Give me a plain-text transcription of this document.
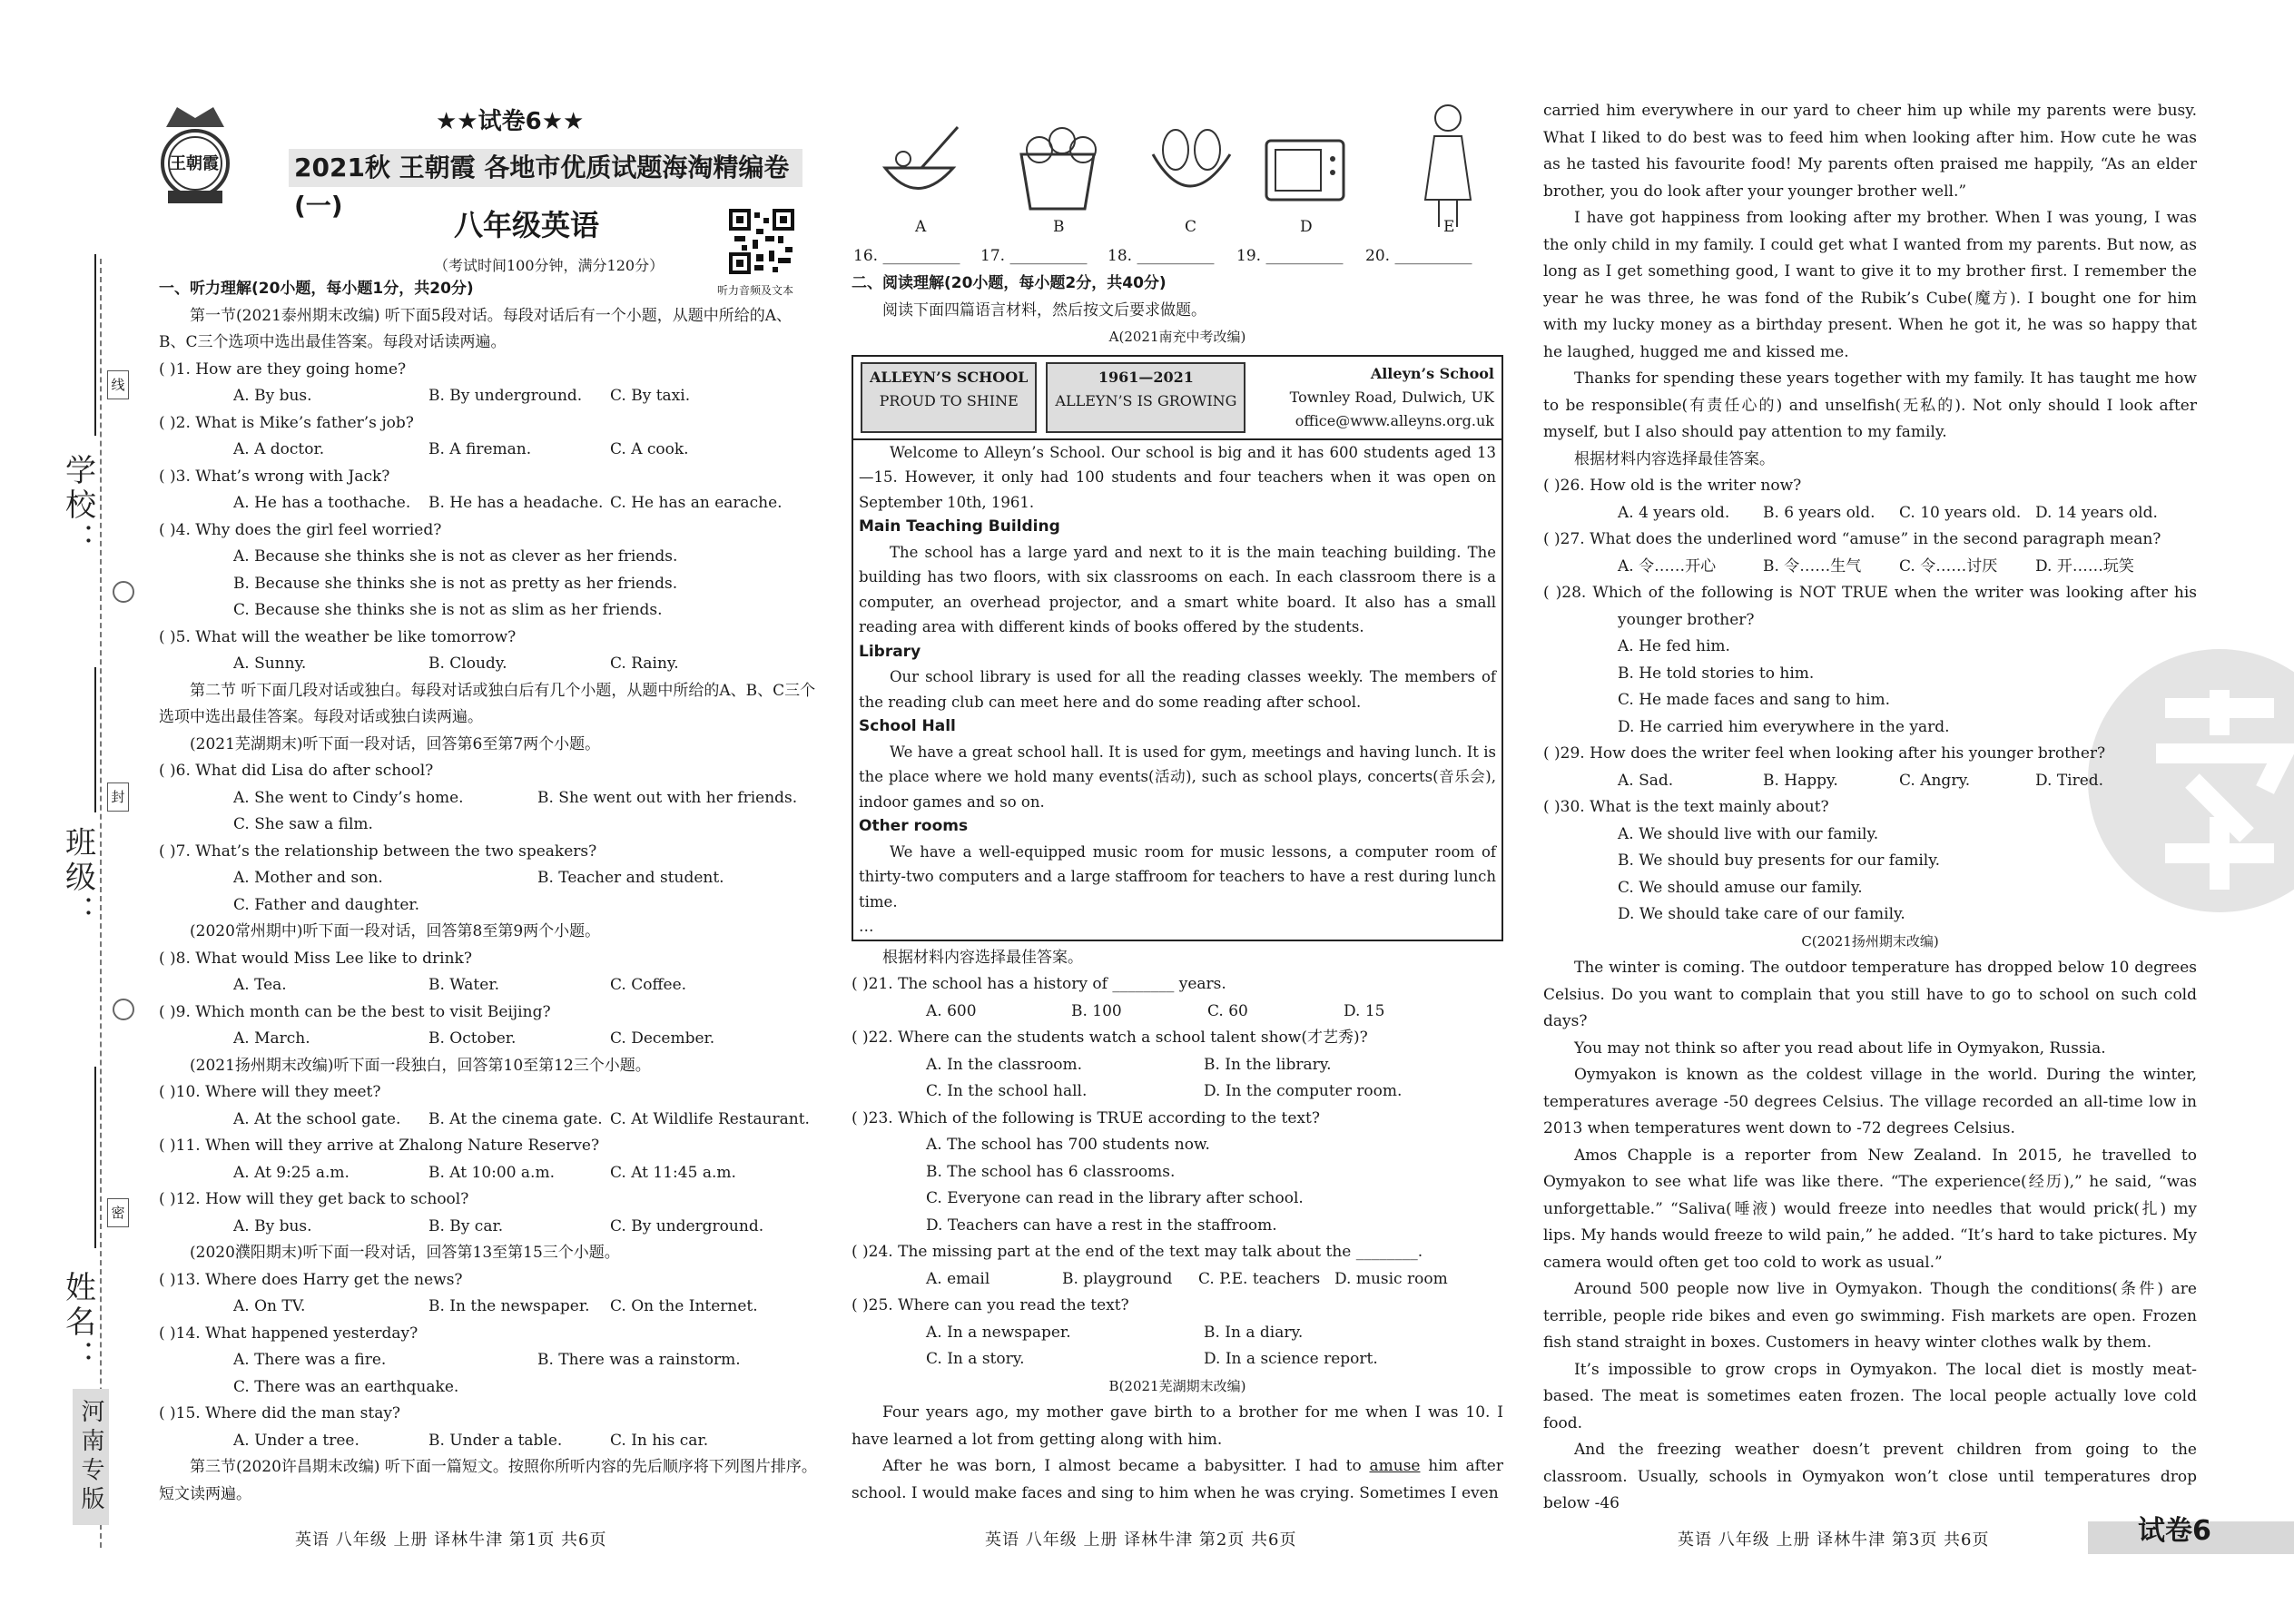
学校：
班级：
姓名：
线
封
密
河南专版
王朝霞
★★试卷6★★
2021秋 王朝霞 各地市优质试题海淘精编卷(一)
八年级英语
（考试时间100分钟，满分120分）
听力音频及文本

一、听力理解(20小题，每小题1分，共20分)

第一节(2021泰州期末改编) 听下面5段对话。每段对话后有一个小题，从题中所给的A、B、C三个选项中选出最佳答案。每段对话读两遍。

( )1. How are they going home?

A. By bus.	B. By underground.	C. By taxi.

( )2. What is Mike’s father’s job?

A. A doctor.	B. A fireman.	C. A cook.

( )3. What’s wrong with Jack?

A. He has a toothache.	B. He has a headache. C. He has an earache.

( )4. Why does the girl feel worried?

A. Because she thinks she is not as clever as her friends.

B. Because she thinks she is not as pretty as her friends.

C. Because she thinks she is not as slim as her friends.

( )5. What will the weather be like tomorrow?

A. Sunny.	B. Cloudy.	C. Rainy.

第二节 听下面几段对话或独白。每段对话或独白后有几个小题，从题中所给的A、B、C三个选项中选出最佳答案。每段对话或独白读两遍。

(2021芜湖期末)听下面一段对话，回答第6至第7两个小题。

( )6. What did Lisa do after school?

A. She went to Cindy’s home.	B. She went out with her friends.

C. She saw a film.

( )7. What’s the relationship between the two speakers?

A. Mother and son.	B. Teacher and student.

C. Father and daughter.

(2020常州期中)听下面一段对话，回答第8至第9两个小题。

( )8. What would Miss Lee like to drink?

A. Tea.	B. Water.	C. Coffee.

( )9. Which month can be the best to visit Beijing?

A. March.	B. October.	C. December.

(2021扬州期末改编)听下面一段独白，回答第10至第12三个小题。

( )10. Where will they meet?

A. At the school gate.	B. At the cinema gate. C. At Wildlife Restaurant.

( )11. When will they arrive at Zhalong Nature Reserve?

A. At 9:25 a.m.	B. At 10:00 a.m.	C. At 11:45 a.m.

( )12. How will they get back to school?

A. By bus.	B. By car.	C. By underground.

(2020濮阳期末)听下面一段对话，回答第13至第15三个小题。

( )13. Where does Harry get the news?

A. On TV.	B. In the newspaper.	C. On the Internet.

( )14. What happened yesterday?

A. There was a fire.	B. There was a rainstorm.

C. There was an earthquake.

( )15. Where did the man stay?

A. Under a tree.	B. Under a table.	C. In his car.

第三节(2020许昌期末改编) 听下面一篇短文。按照你所听内容的先后顺序将下列图片排序。短文读两遍。

A	B	C	D	E
16. __________	17. __________	18. __________	19. __________	20. __________

二、阅读理解(20小题，每小题2分，共40分)

阅读下面四篇语言材料，然后按文后要求做题。

A(2021南充中考改编)

ALLEYN’S SCHOOL
PROUD TO SHINE
1961—2021
ALLEYN’S IS GROWING
Alleyn’s School
Townley Road, Dulwich, UK
office@www.alleyns.org.uk

Welcome to Alleyn’s School. Our school is big and it has 600 students aged 13—15. However, it only had 100 students and four teachers when it was open on September 10th, 1961.

Main Teaching Building

The school has a large yard and next to it is the main teaching building. The building has two floors, with six classrooms on each. In each classroom there is a computer, an overhead projector, and a smart white board. It also has a small reading area with different kinds of books offered by the students.

Library

Our school library is used for all the reading classes weekly. The members of the reading club can meet here and do some reading after school.

School Hall

We have a great school hall. It is used for gym, meetings and having lunch. It is the place where we hold many events(活动), such as school plays, concerts(音乐会), indoor games and so on.

Other rooms

We have a well-equipped music room for music lessons, a computer room of thirty-two computers and a large staffroom for teachers to have a rest during lunch time.

…

根据材料内容选择最佳答案。

( )21. The school has a history of ________ years.

A. 600	B. 100	C. 60	D. 15

( )22. Where can the students watch a school talent show(才艺秀)?

A. In the classroom.	B. In the library.
C. In the school hall.	D. In the computer room.

( )23. Which of the following is TRUE according to the text?

A. The school has 700 students now.

B. The school has 6 classrooms.

C. Everyone can read in the library after school.

D. Teachers can have a rest in the staffroom.

( )24. The missing part at the end of the text may talk about the ________.

A. email	B. playground	C. P.E. teachers D. music room

( )25. Where can you read the text?

A. In a newspaper.	B. In a diary.
C. In a story.	D. In a science report.

B(2021芜湖期末改编)

Four years ago, my mother gave birth to a brother for me when I was 10. I have learned a lot from getting along with him.

After he was born, I almost became a babysitter. I had to amuse him after school. I would make faces and sing to him when he was crying. Sometimes I even

carried him everywhere in our yard to cheer him up while my parents were busy. What I liked to do best was to feed him when looking after him. How cute he was as he tasted his favourite food! My parents often praised me happily, “As an elder brother, you do look after your younger brother well.”

I have got happiness from looking after my brother. When I was young, I was the only child in my family. I could get what I wanted from my parents. But now, as long as I get something good, I want to give it to my brother first. I remember the year he was three, he was fond of the Rubik’s Cube(魔方). I bought one for him with my lucky money as a birthday present. When he got it, he was so happy that he laughed, hugged me and kissed me.

Thanks for spending these years together with my family. It has taught me how to be responsible(有责任心的) and unselfish(无私的). Not only should I look after myself, but I also should pay attention to my family.

根据材料内容选择最佳答案。

( )26. How old is the writer now?

A. 4 years old.	B. 6 years old.	C. 10 years old. D. 14 years old.

( )27. What does the underlined word “amuse” in the second paragraph mean?

A. 令……开心	B. 令……生气	C. 令……讨厌	D. 开……玩笑

( )28. Which of the following is NOT TRUE when the writer was looking after his younger brother?

A. He fed him.

B. He told stories to him.

C. He made faces and sang to him.

D. He carried him everywhere in the yard.

( )29. How does the writer feel when looking after his younger brother?

A. Sad.	B. Happy.	C. Angry.	D. Tired.

( )30. What is the text mainly about?

A. We should live with our family.

B. We should buy presents for our family.

C. We should amuse our family.

D. We should take care of our family.

C(2021扬州期末改编)

The winter is coming. The outdoor temperature has dropped below 10 degrees Celsius. Do you want to complain that you still have to go to school on such cold days?

You may not think so after you read about life in Oymyakon, Russia.

Oymyakon is known as the coldest village in the world. During the winter, temperatures average -50 degrees Celsius. The village recorded an all-time low in 2013 when temperatures went down to -72 degrees Celsius.

Amos Chapple is a reporter from New Zealand. In 2015, he travelled to Oymyakon to see what life was like there. “The experience(经历),” he said, “was unforgettable.” “Saliva(唾液) would freeze into needles that would prick(扎) my lips. My hands would freeze to wild pain,” he added. “It’s hard to take pictures. My camera would often get too cold to work as usual.”

Around 500 people now live in Oymyakon. Though the conditions(条件) are terrible, people ride bikes and even go swimming. Fish markets are open. Frozen fish stand straight in boxes. Customers in heavy winter clothes walk by them.

It’s impossible to grow crops in Oymyakon. The local diet is mostly meat-based. The meat is sometimes eaten frozen. The local people actually love cold food.

And the freezing weather doesn’t prevent children from going to the classroom. Usually, schools in Oymyakon won’t close until temperatures drop below -46

英语 八年级 上册 译林牛津 第1页 共6页	英语 八年级 上册 译林牛津 第2页 共6页	英语 八年级 上册 译林牛津 第3页 共6页	试卷6
